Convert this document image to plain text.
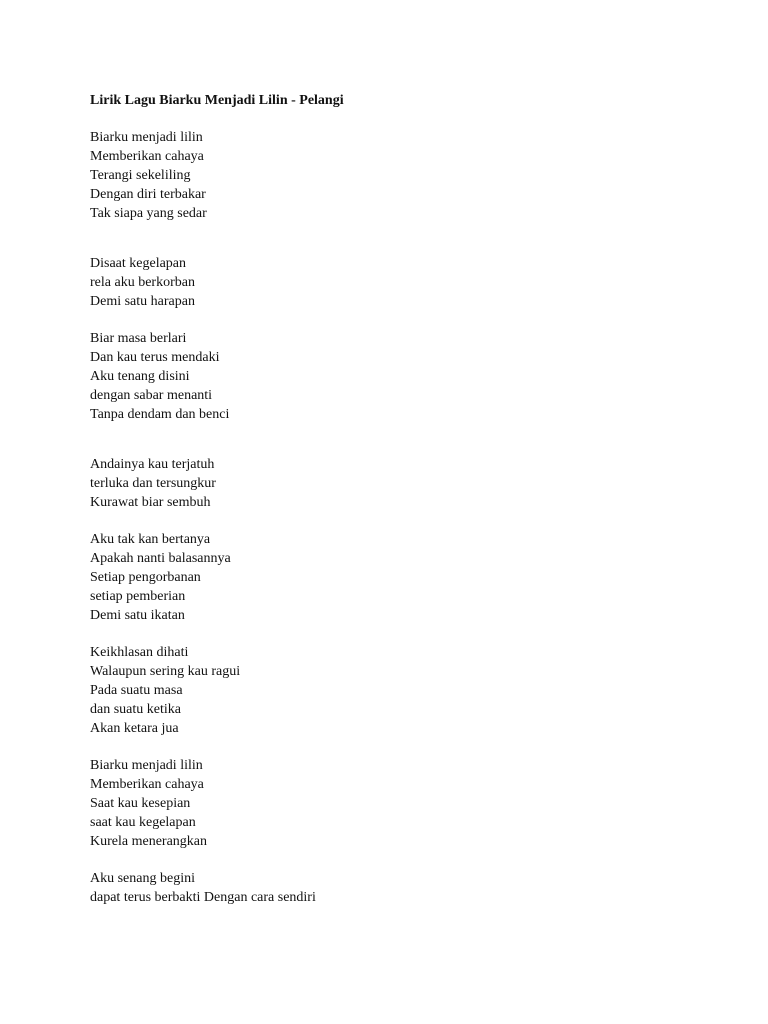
Lirik Lagu Biarku Menjadi Lilin - Pelangi
Biarku menjadi lilin
Memberikan cahaya
Terangi sekeliling
Dengan diri terbakar
Tak siapa yang sedar
Disaat kegelapan
rela aku berkorban
Demi satu harapan
Biar masa berlari
Dan kau terus mendaki
Aku tenang disini
dengan sabar menanti
Tanpa dendam dan benci
Andainya kau terjatuh
terluka dan tersungkur
Kurawat biar sembuh
Aku tak kan bertanya
Apakah nanti balasannya
Setiap pengorbanan
setiap pemberian
Demi satu ikatan
Keikhlasan dihati
Walaupun sering kau ragui
Pada suatu masa
dan suatu ketika
Akan ketara jua
Biarku menjadi lilin
Memberikan cahaya
Saat kau kesepian
saat kau kegelapan
Kurela menerangkan
Aku senang begini
dapat terus berbakti Dengan cara sendiri
